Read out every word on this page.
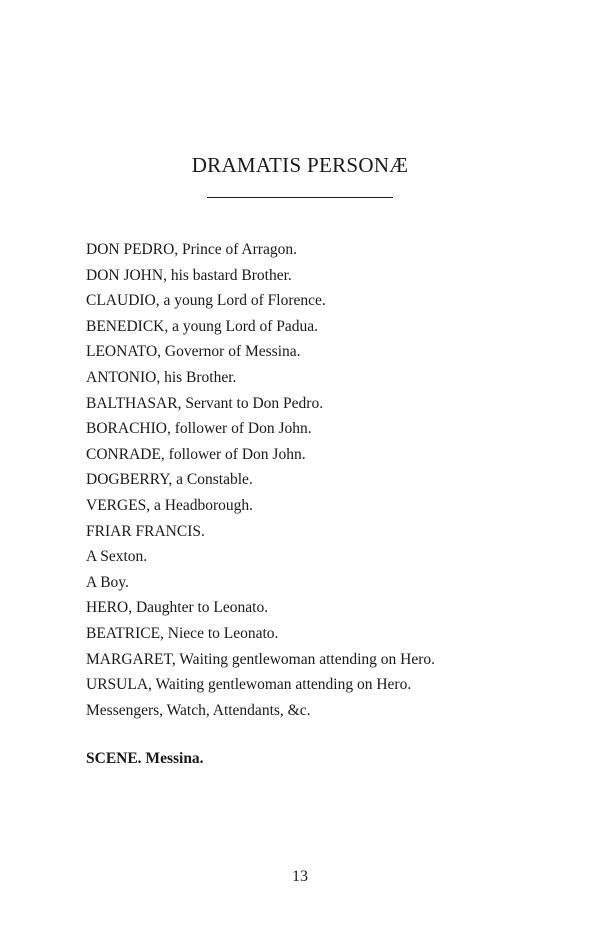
DRAMATIS PERSONÆ
DON PEDRO, Prince of Arragon.
DON JOHN, his bastard Brother.
CLAUDIO, a young Lord of Florence.
BENEDICK, a young Lord of Padua.
LEONATO, Governor of Messina.
ANTONIO, his Brother.
BALTHASAR, Servant to Don Pedro.
BORACHIO, follower of Don John.
CONRADE, follower of Don John.
DOGBERRY, a Constable.
VERGES, a Headborough.
FRIAR FRANCIS.
A Sexton.
A Boy.
HERO, Daughter to Leonato.
BEATRICE, Niece to Leonato.
MARGARET, Waiting gentlewoman attending on Hero.
URSULA, Waiting gentlewoman attending on Hero.
Messengers, Watch, Attendants, &c.
SCENE. Messina.
13
